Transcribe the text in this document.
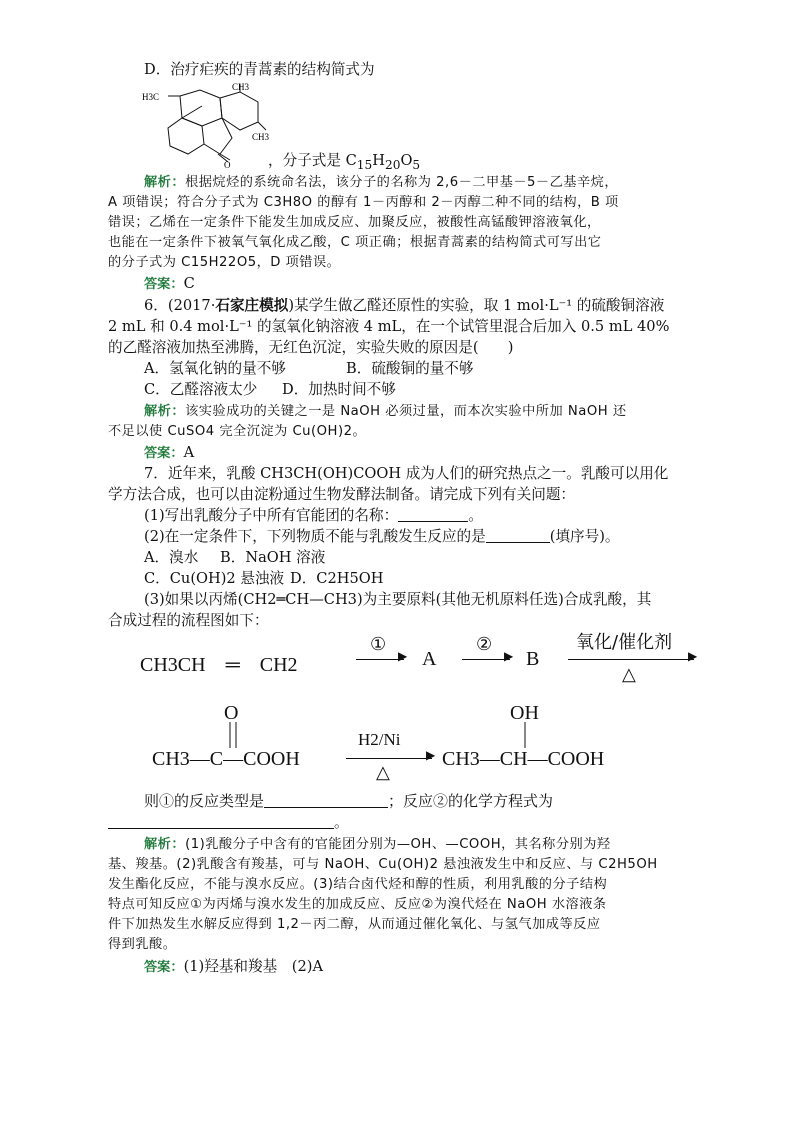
D．治疗疟疾的青蒿素的结构简式为
H3C
CH3
CH3
O	，分子式是 $C_{15}H_{20}O_5$
解析：根据烷烃的系统命名法，该分子的名称为 2,6－二甲基－5－乙基辛烷，
A 项错误；符合分子式为 C3H8O 的醇有 1－丙醇和 2－丙醇二种不同的结构，B 项
错误；乙烯在一定条件下能发生加成反应、加聚反应，被酸性高锰酸钾溶液氧化，
也能在一定条件下被氧气氧化成乙酸，C 项正确；根据青蒿素的结构简式可写出它
的分子式为 C15H22O5，D 项错误。
答案：C
6．(2017·石家庄模拟)某学生做乙醛还原性的实验，取 1 mol·L⁻¹ 的硫酸铜溶液
2 mL 和 0.4 mol·L⁻¹ 的氢氧化钠溶液 4 mL，在一个试管里混合后加入 0.5 mL 40%
的乙醛溶液加热至沸腾，无红色沉淀，实验失败的原因是(　　)
A．氢氧化钠的量不够	B．硫酸铜的量不够
C．乙醛溶液太少 D．加热时间不够
解析：该实验成功的关键之一是 NaOH 必须过量，而本次实验中所加 NaOH 还
不足以使 CuSO4 完全沉淀为 Cu(OH)2。
答案：A
7．近年来，乳酸 CH3CH(OH)COOH 成为人们的研究热点之一。乳酸可以用化
学方法合成，也可以由淀粉通过生物发酵法制备。请完成下列有关问题：
(1)写出乳酸分子中所有官能团的名称：	。
(2)在一定条件下，下列物质不能与乳酸发生反应的是	(填序号)。
A．溴水 B．NaOH 溶液
C．Cu(OH)2 悬浊液 D．C2H5OH
(3)如果以丙烯(CH2═CH—CH3)为主要原料(其他无机原料任选)合成乳酸，其
合成过程的流程图如下：
CH3CH　 ═　 CH2
①
▶ A
②
▶ B
氧化/催化剂
▶
△
O
CH3—C—COOH
H2/Ni
▶
△
OH
CH3—CH—COOH
则①的反应类型是	；反应②的化学方程式为
。
解析：(1)乳酸分子中含有的官能团分别为—OH、—COOH，其名称分别为羟
基、羧基。(2)乳酸含有羧基，可与 NaOH、Cu(OH)2 悬浊液发生中和反应、与 C2H5OH
发生酯化反应，不能与溴水反应。(3)结合卤代烃和醇的性质，利用乳酸的分子结构
特点可知反应①为丙烯与溴水发生的加成反应、反应②为溴代烃在 NaOH 水溶液条
件下加热发生水解反应得到 1,2－丙二醇，从而通过催化氧化、与氢气加成等反应
得到乳酸。
答案：(1)羟基和羧基　(2)A
